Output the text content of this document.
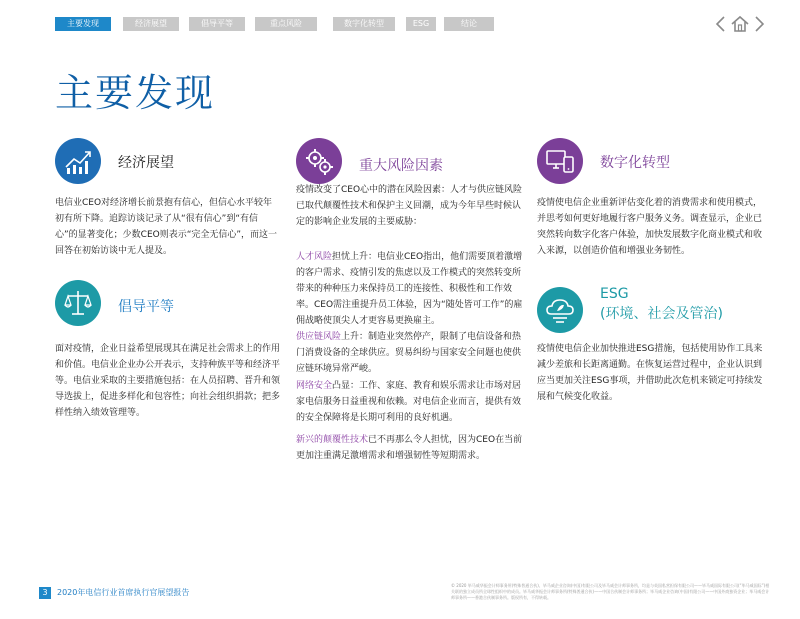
主要发现	经济展望	倡导平等	重点风险	数字化转型	ESG	结论
主要发现
经济展望
电信业CEO对经济增长前景抱有信心，但信心水平较年初有所下降。追踪访谈记录了从“很有信心”到“有信心”的显著变化；少数CEO则表示“完全无信心”，而这一回答在初始访谈中无人提及。
倡导平等
面对疫情，企业日益希望展现其在满足社会需求上的作用和价值。电信业企业办公开表示，支持种族平等和经济平等。电信业采取的主要措施包括：在人员招聘、晋升和领导选拔上，促进多样化和包容性；向社会组织捐款；把多样性纳入绩效管理等。
重大风险因素
疫情改变了CEO心中的潜在风险因素：人才与供应链风险已取代颠覆性技术和保护主义回潮，成为今年早些时候认定的影响企业发展的主要威胁：
人才风险担忧上升：电信业CEO指出，他们需要顶着激增的客户需求、疫情引发的焦虑以及工作模式的突然转变所带来的种种压力来保持员工的连接性、积极性和工作效率。CEO需注重提升员工体验，因为“随处皆可工作”的雇佣战略使顶尖人才更容易更换雇主。
供应链风险上升：制造业突然停产，限制了电信设备和热门消费设备的全球供应。贸易纠纷与国家安全问题也使供应链环境异常严峻。
网络安全凸显：工作、家庭、教育和娱乐需求让市场对居家电信服务日益重视和依赖。对电信企业而言，提供有效的安全保障将是长期可利用的良好机遇。
新兴的颠覆性技术已不再那么令人担忧，因为CEO在当前更加注重满足激增需求和增强韧性等短期需求。
数字化转型
疫情使电信企业重新评估变化着的消费需求和使用模式，并思考如何更好地履行客户服务义务。调查显示，企业已突然转向数字化客户体验，加快发展数字化商业模式和收入来源，以创造价值和增强业务韧性。
ESG
(环境、社会及管治)
疫情使电信企业加快推进ESG措施，包括使用协作工具来减少差旅和长距离通勤。在恢复运营过程中，企业认识到应当更加关注ESG事项，并借助此次危机来锁定可持续发展和气候变化收益。
3	2020年电信行业首席执行官展望报告
© 2020 毕马威华振会计师事务所(特殊普通合伙)、毕马威企业咨询(中国)有限公司及毕马威会计师事务所，均是与英国私营担保有限公司——毕马威国际有限公司(“毕马威国际”)相关联的独立成员所全球性组织中的成员。毕马威华振会计师事务所(特殊普通合伙)——中国合伙制会计师事务所；毕马威企业咨询(中国)有限公司——中国外商独资企业；毕马威会计师事务所——香港合伙制事务所。版权所有，不得转载。
